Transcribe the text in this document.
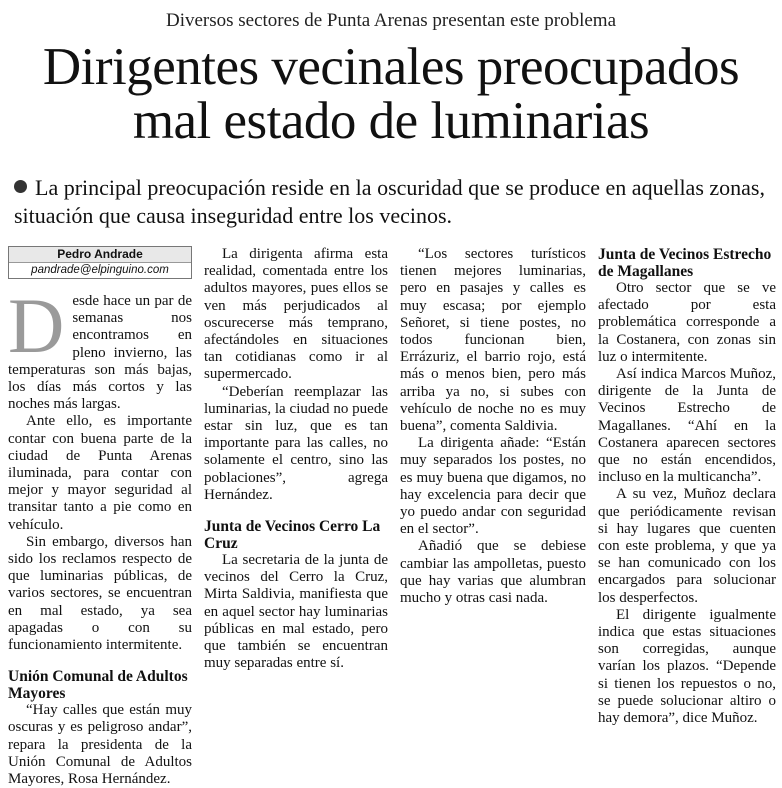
Diversos sectores de Punta Arenas presentan este problema
Dirigentes vecinales preocupados
mal estado de luminarias
La principal preocupación reside en la oscuridad que se produce en aquellas zonas, situación que causa inseguridad entre los vecinos.
Pedro Andrade
pandrade@elpinguino.com
D esde hace un par de semanas nos encontramos en pleno invierno, las temperaturas son más bajas, los días más cortos y las noches más largas.

Ante ello, es importante contar con buena parte de la ciudad de Punta Arenas iluminada, para contar con mejor y mayor seguridad al transitar tanto a pie como en vehículo.

Sin embargo, diversos han sido los reclamos respecto de que luminarias públicas, de varios sectores, se encuentran en mal estado, ya sea apagadas o con su funcionamiento intermitente.

Unión Comunal de Adultos Mayores

“Hay calles que están muy oscuras y es peligroso andar”, repara la presidenta de la Unión Comunal de Adultos Mayores, Rosa Hernández.

La dirigenta afirma esta realidad, comentada entre los adultos mayores, pues ellos se ven más perjudicados al oscurecerse más temprano, afectándoles en situaciones tan cotidianas como ir al supermercado.

“Deberían reemplazar las luminarias, la ciudad no puede estar sin luz, que es tan importante para las calles, no solamente el centro, sino las poblaciones”, agrega Hernández.

Junta de Vecinos Cerro La Cruz

La secretaria de la junta de vecinos del Cerro la Cruz, Mirta Saldivia, manifiesta que en aquel sector hay luminarias públicas en mal estado, pero que también se encuentran muy separadas entre sí.

“Los sectores turísticos tienen mejores luminarias, pero en pasajes y calles es muy escasa; por ejemplo Señoret, si tiene postes, no todos funcionan bien, Errázuriz, el barrio rojo, está más o menos bien, pero más arriba ya no, si subes con vehículo de noche no es muy buena”, comenta Saldivia.

La dirigenta añade: “Están muy separados los postes, no es muy buena que digamos, no hay excelencia para decir que yo puedo andar con seguridad en el sector”.

Añadió que se debiese cambiar las ampolletas, puesto que hay varias que alumbran mucho y otras casi nada.

Junta de Vecinos Estrecho de Magallanes

Otro sector que se ve afectado por esta problemática corresponde a la Costanera, con zonas sin luz o intermitente.

Así indica Marcos Muñoz, dirigente de la Junta de Vecinos Estrecho de Magallanes. “Ahí en la Costanera aparecen sectores que no están encendidos, incluso en la multicancha”.

A su vez, Muñoz declara que periódicamente revisan si hay lugares que cuenten con este problema, y que ya se han comunicado con los encargados para solucionar los desperfectos.

El dirigente igualmente indica que estas situaciones son corregidas, aunque varían los plazos. “Depende si tienen los repuestos o no, se puede solucionar altiro o hay demora”, dice Muñoz.
